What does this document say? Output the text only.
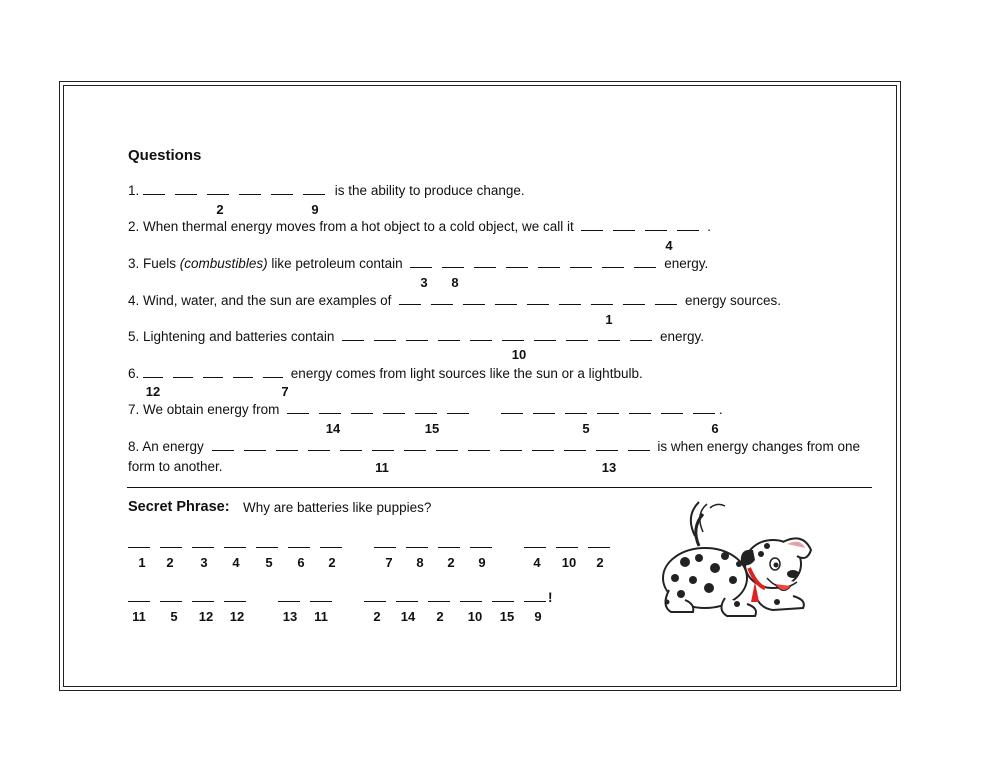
Questions
1.	is the ability to produce change.
2	9
2. When thermal energy moves from a hot object to a cold object, we call it	.
4
3. Fuels (combustibles) like petroleum contain	energy.
3	8
4. Wind, water, and the sun are examples of	energy sources.
1
5. Lightening and batteries contain	energy.
10
6.	energy comes from light sources like the sun or a lightbulb.
12	7
7. We obtain energy from	.
14	15	5	6
8. An energy	is when energy changes from one
form to another.	11	13
Secret Phrase: Why are batteries like puppies?
1	2	3	4	5	6	2	7	8	2	9	4	10	2
!
11	5	12	12	13	11	2	14	2	10	15	9
